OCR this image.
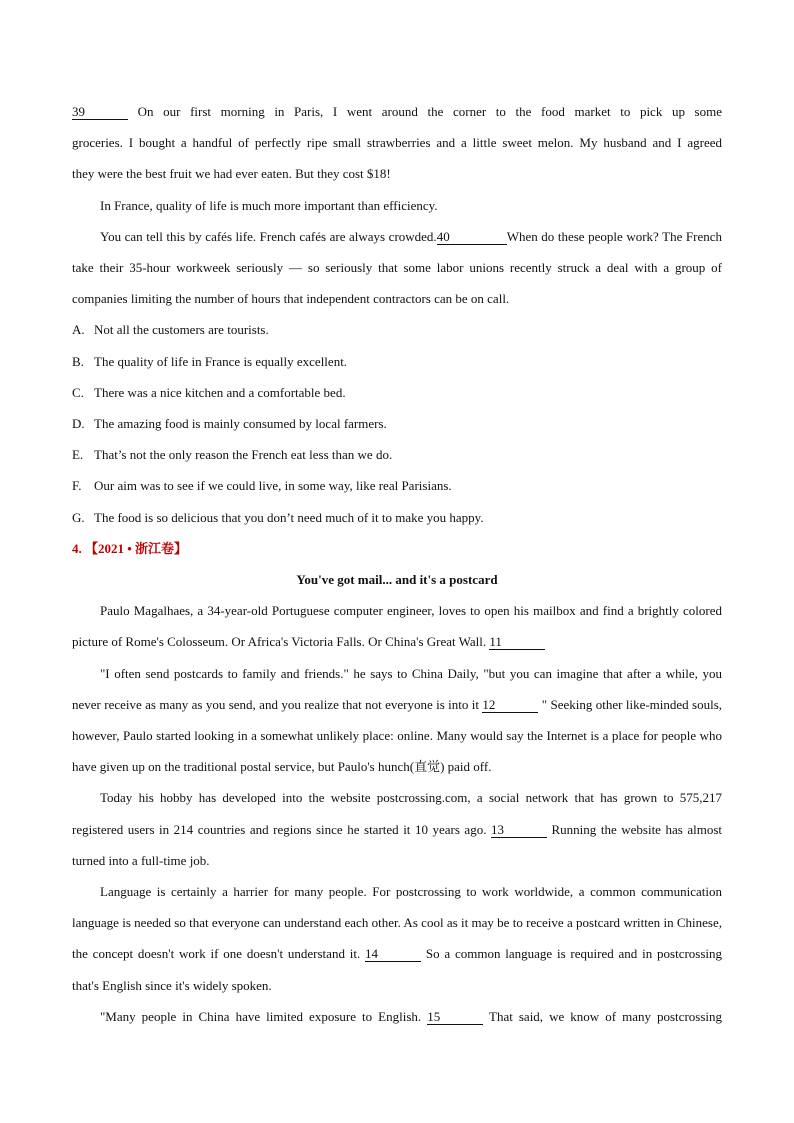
39	On our first morning in Paris, I went around the corner to the food market to pick up some

groceries. I bought a handful of perfectly ripe small strawberries and a little sweet melon. My husband and I agreed

they were the best fruit we had ever eaten. But they cost $18!

In France, quality of life is much more important than efficiency.

You can tell this by cafés life. French cafés are always crowded.40	When do these people work? The French take their 35-hour workweek seriously — so seriously that some labor unions recently struck a deal with a group of companies limiting the number of hours that independent contractors can be on call.

A. Not all the customers are tourists.

B. The quality of life in France is equally excellent.

C. There was a nice kitchen and a comfortable bed.

D. The amazing food is mainly consumed by local farmers.

E. That’s not the only reason the French eat less than we do.

F. Our aim was to see if we could live, in some way, like real Parisians.

G. The food is so delicious that you don’t need much of it to make you happy.

4. 【2021 • 浙江卷】

You've got mail... and it's a postcard

Paulo Magalhaes, a 34-year-old Portuguese computer engineer, loves to open his mailbox and find a brightly colored picture of Rome's Colosseum. Or Africa's Victoria Falls. Or China's Great Wall. 11

"I often send postcards to family and friends." he says to China Daily, "but you can imagine that after a while, you never receive as many as you send, and you realize that not everyone is into it 12	" Seeking other like-minded souls, however, Paulo started looking in a somewhat unlikely place: online. Many would say the Internet is a place for people who have given up on the traditional postal service, but Paulo's hunch(直觉) paid off.

Today his hobby has developed into the website postcrossing.com, a social network that has grown to 575,217 registered users in 214 countries and regions since he started it 10 years ago. 13	Running the website has almost turned into a full-time job.

Language is certainly a harrier for many people. For postcrossing to work worldwide, a common communication language is needed so that everyone can understand each other. As cool as it may be to receive a postcard written in Chinese, the concept doesn't work if one doesn't understand it. 14	So a common language is required and in postcrossing that's English since it's widely spoken.

"Many people in China have limited exposure to English. 15	That said, we know of many postcrossing
